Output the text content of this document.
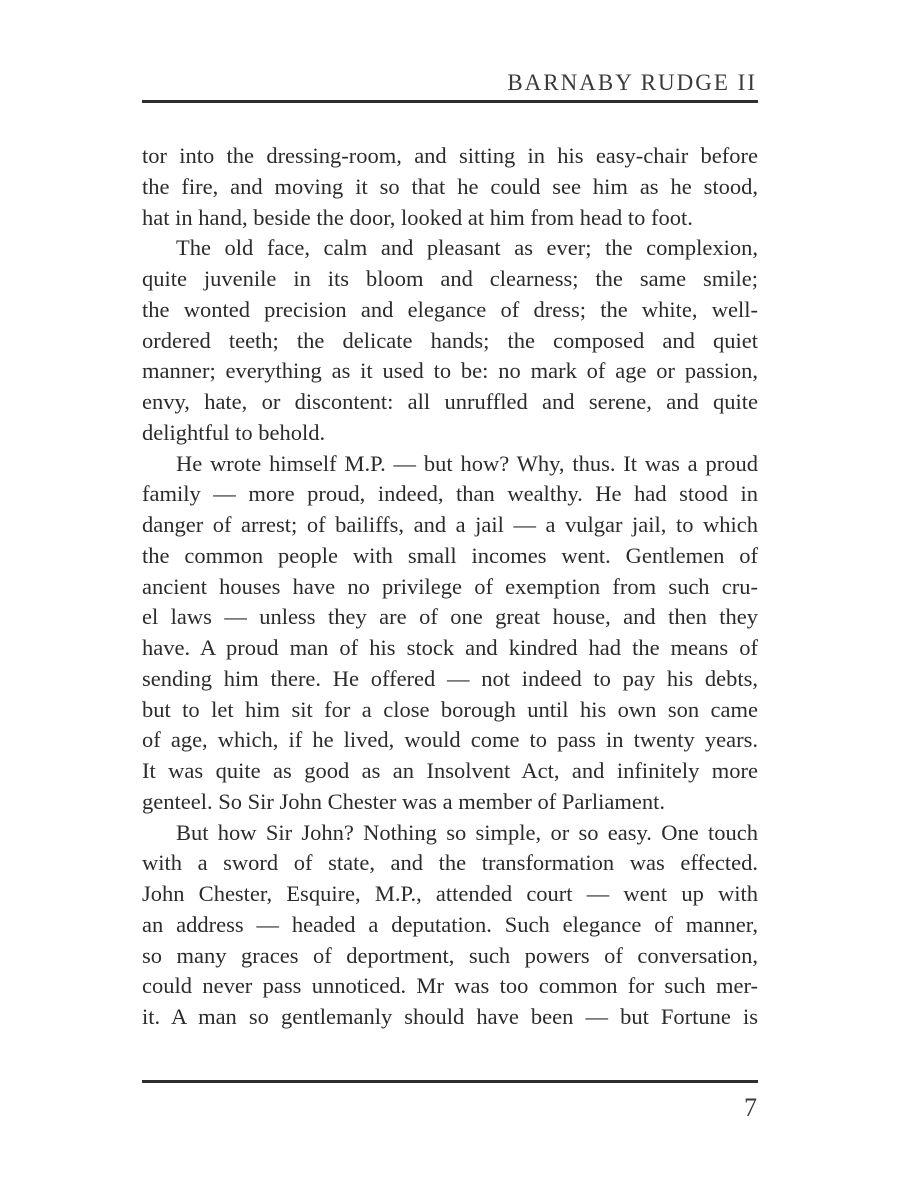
BARNABY RUDGE II
tor into the dressing-room, and sitting in his easy-chair before
the fire, and moving it so that he could see him as he stood,
hat in hand, beside the door, looked at him from head to foot.
The old face, calm and pleasant as ever; the complexion,
quite juvenile in its bloom and clearness; the same smile;
the wonted precision and elegance of dress; the white, well-
ordered teeth; the delicate hands; the composed and quiet
manner; everything as it used to be: no mark of age or passion,
envy, hate, or discontent: all unruffled and serene, and quite
delightful to behold.
He wrote himself M.P. — but how? Why, thus. It was a proud
family — more proud, indeed, than wealthy. He had stood in
danger of arrest; of bailiffs, and a jail — a vulgar jail, to which
the common people with small incomes went. Gentlemen of
ancient houses have no privilege of exemption from such cru-
el laws — unless they are of one great house, and then they
have. A proud man of his stock and kindred had the means of
sending him there. He offered — not indeed to pay his debts,
but to let him sit for a close borough until his own son came
of age, which, if he lived, would come to pass in twenty years.
It was quite as good as an Insolvent Act, and infinitely more
genteel. So Sir John Chester was a member of Parliament.
But how Sir John? Nothing so simple, or so easy. One touch
with a sword of state, and the transformation was effected.
John Chester, Esquire, M.P., attended court — went up with
an address — headed a deputation. Such elegance of manner,
so many graces of deportment, such powers of conversation,
could never pass unnoticed. Mr was too common for such mer-
it. A man so gentlemanly should have been — but Fortune is
7
